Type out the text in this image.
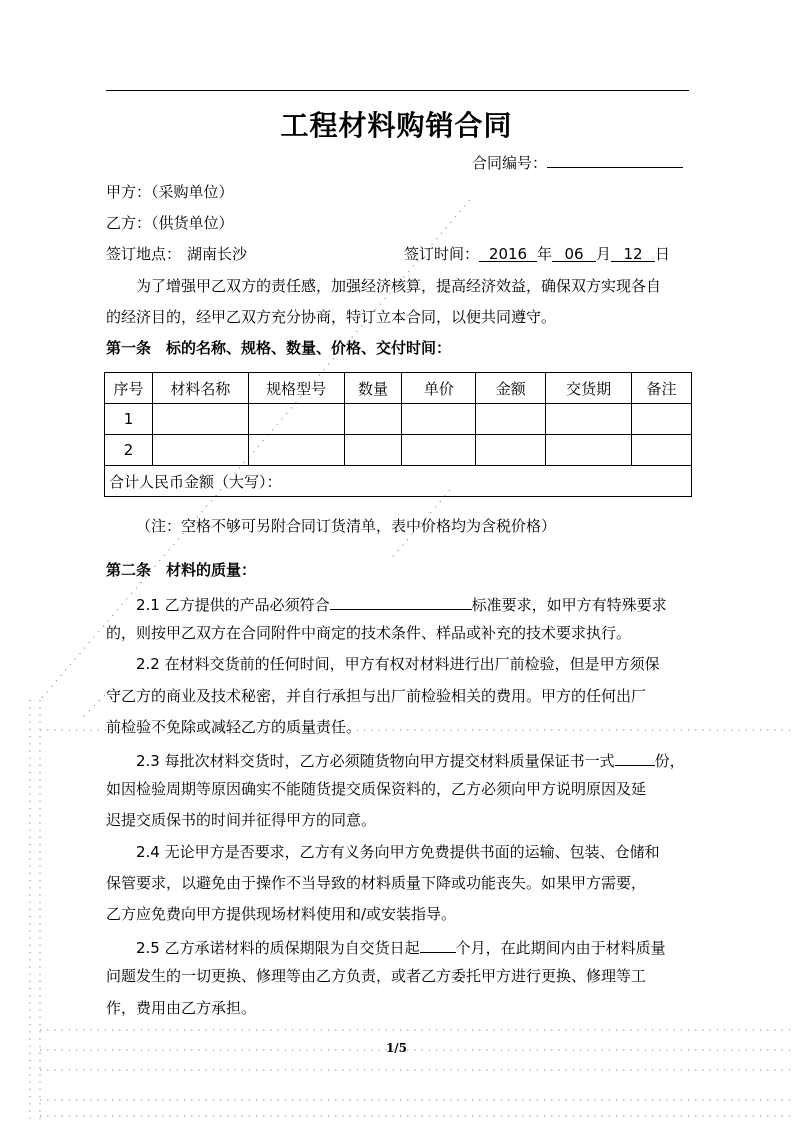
工程材料购销合同
合同编号：
甲方：（采购单位）
乙方：（供货单位）
签订地点： 湖南长沙	签订时间： 2016 年 06 月 12 日
为了增强甲乙双方的责任感，加强经济核算，提高经济效益，确保双方实现各自
的经济目的，经甲乙双方充分协商，特订立本合同，以便共同遵守。
第一条　标的名称、规格、数量、价格、交付时间：
序号	材料名称	规格型号	数量	单价	金额	交货期	备注
1							
2							
合计人民币金额（大写）：							
（注：空格不够可另附合同订货清单，表中价格均为含税价格）
第二条　材料的质量：
2.1 乙方提供的产品必须符合	标准要求，如甲方有特殊要求
的，则按甲乙双方在合同附件中商定的技术条件、样品或补充的技术要求执行。
2.2 在材料交货前的任何时间，甲方有权对材料进行出厂前检验，但是甲方须保
守乙方的商业及技术秘密，并自行承担与出厂前检验相关的费用。甲方的任何出厂
前检验不免除或减轻乙方的质量责任。
2.3 每批次材料交货时，乙方必须随货物向甲方提交材料质量保证书一式	份，
如因检验周期等原因确实不能随货提交质保资料的，乙方必须向甲方说明原因及延
迟提交质保书的时间并征得甲方的同意。
2.4 无论甲方是否要求，乙方有义务向甲方免费提供书面的运输、包装、仓储和
保管要求，以避免由于操作不当导致的材料质量下降或功能丧失。如果甲方需要，
乙方应免费向甲方提供现场材料使用和/或安装指导。
2.5 乙方承诺材料的质保期限为自交货日起 个月，在此期间内由于材料质量
问题发生的一切更换、修理等由乙方负责，或者乙方委托甲方进行更换、修理等工
作，费用由乙方承担。
1/5
